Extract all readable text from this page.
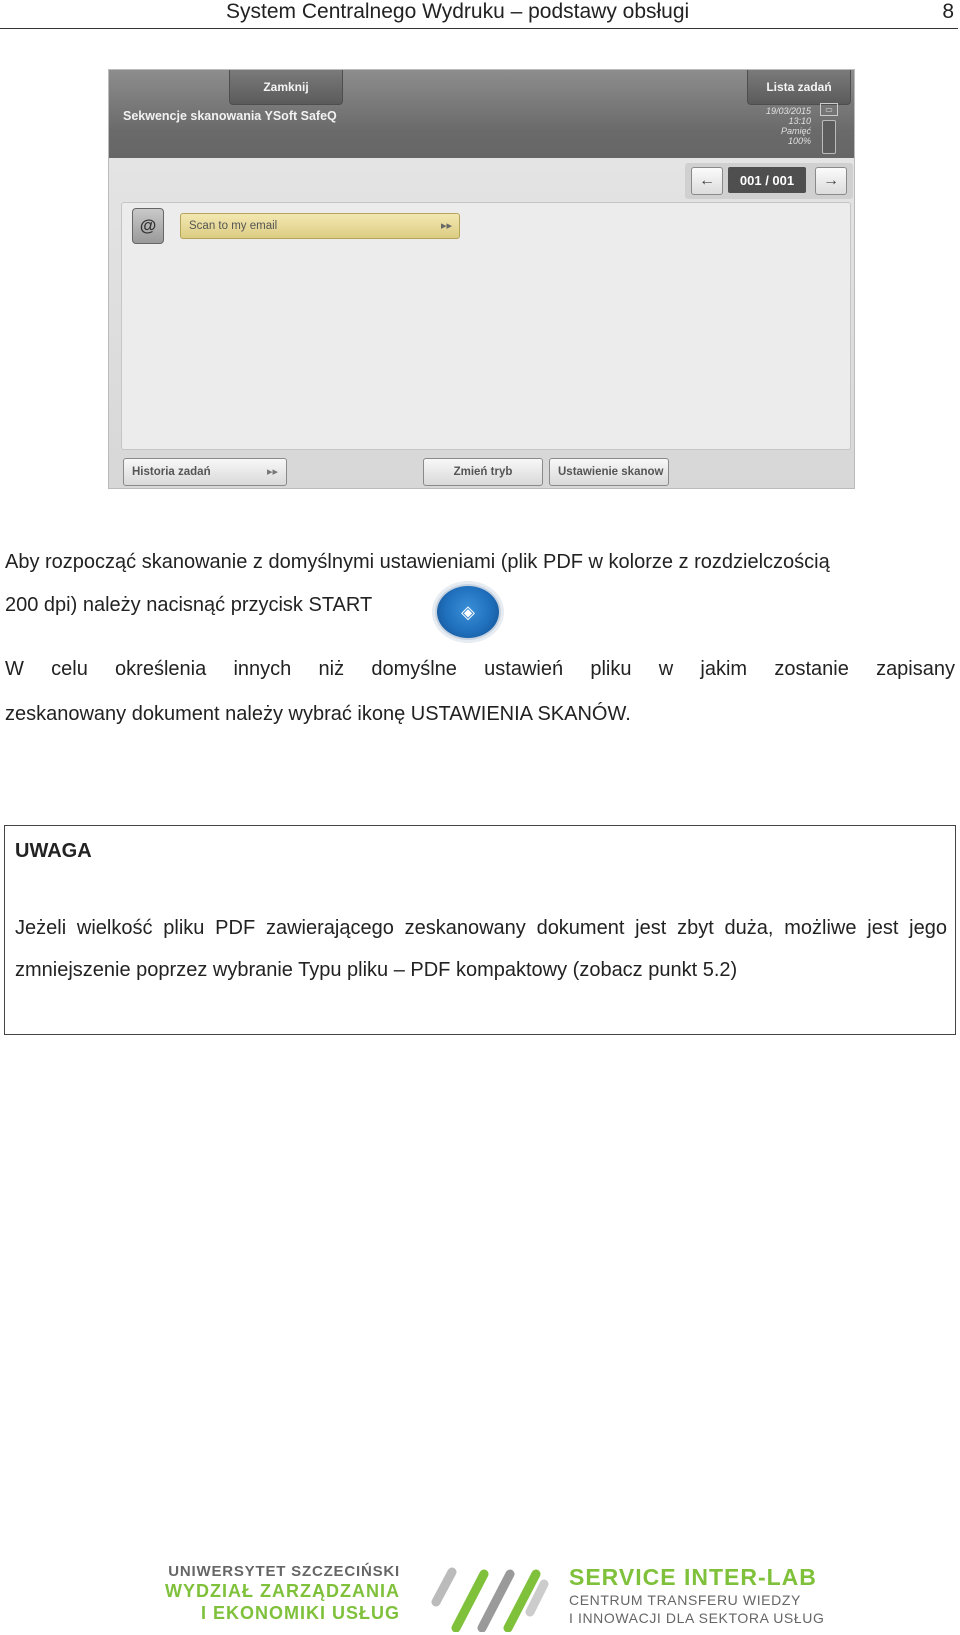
System Centralnego Wydruku – podstawy obsługi	8
Zamknij	Lista zadań
Sekwencje skanowania YSoft SafeQ	19/03/2015
13:10
Pamięć
100%
▭
←	001 / 001	→
@	Scan to my email	▸▸
Historia zadań	▸▸	Zmień tryb	Ustawienie skanow
Aby rozpocząć skanowanie z domyślnymi ustawieniami (plik PDF w kolorze z rozdzielczością
200 dpi) należy nacisnąć przycisk START	◈
W celu określenia innych niż domyślne ustawień pliku w jakim zostanie zapisany
zeskanowany dokument należy wybrać ikonę USTAWIENIA SKANÓW.
UWAGA
Jeżeli wielkość pliku PDF zawierającego zeskanowany dokument jest zbyt duża, możliwe jest jego
zmniejszenie poprzez wybranie Typu pliku – PDF kompaktowy (zobacz punkt 5.2)
UNIWERSYTET SZCZECIŃSKI
WYDZIAŁ ZARZĄDZANIA
I EKONOMIKI USŁUG
SERVICE INTER-LAB
CENTRUM TRANSFERU WIEDZY
I INNOWACJI DLA SEKTORA USŁUG
